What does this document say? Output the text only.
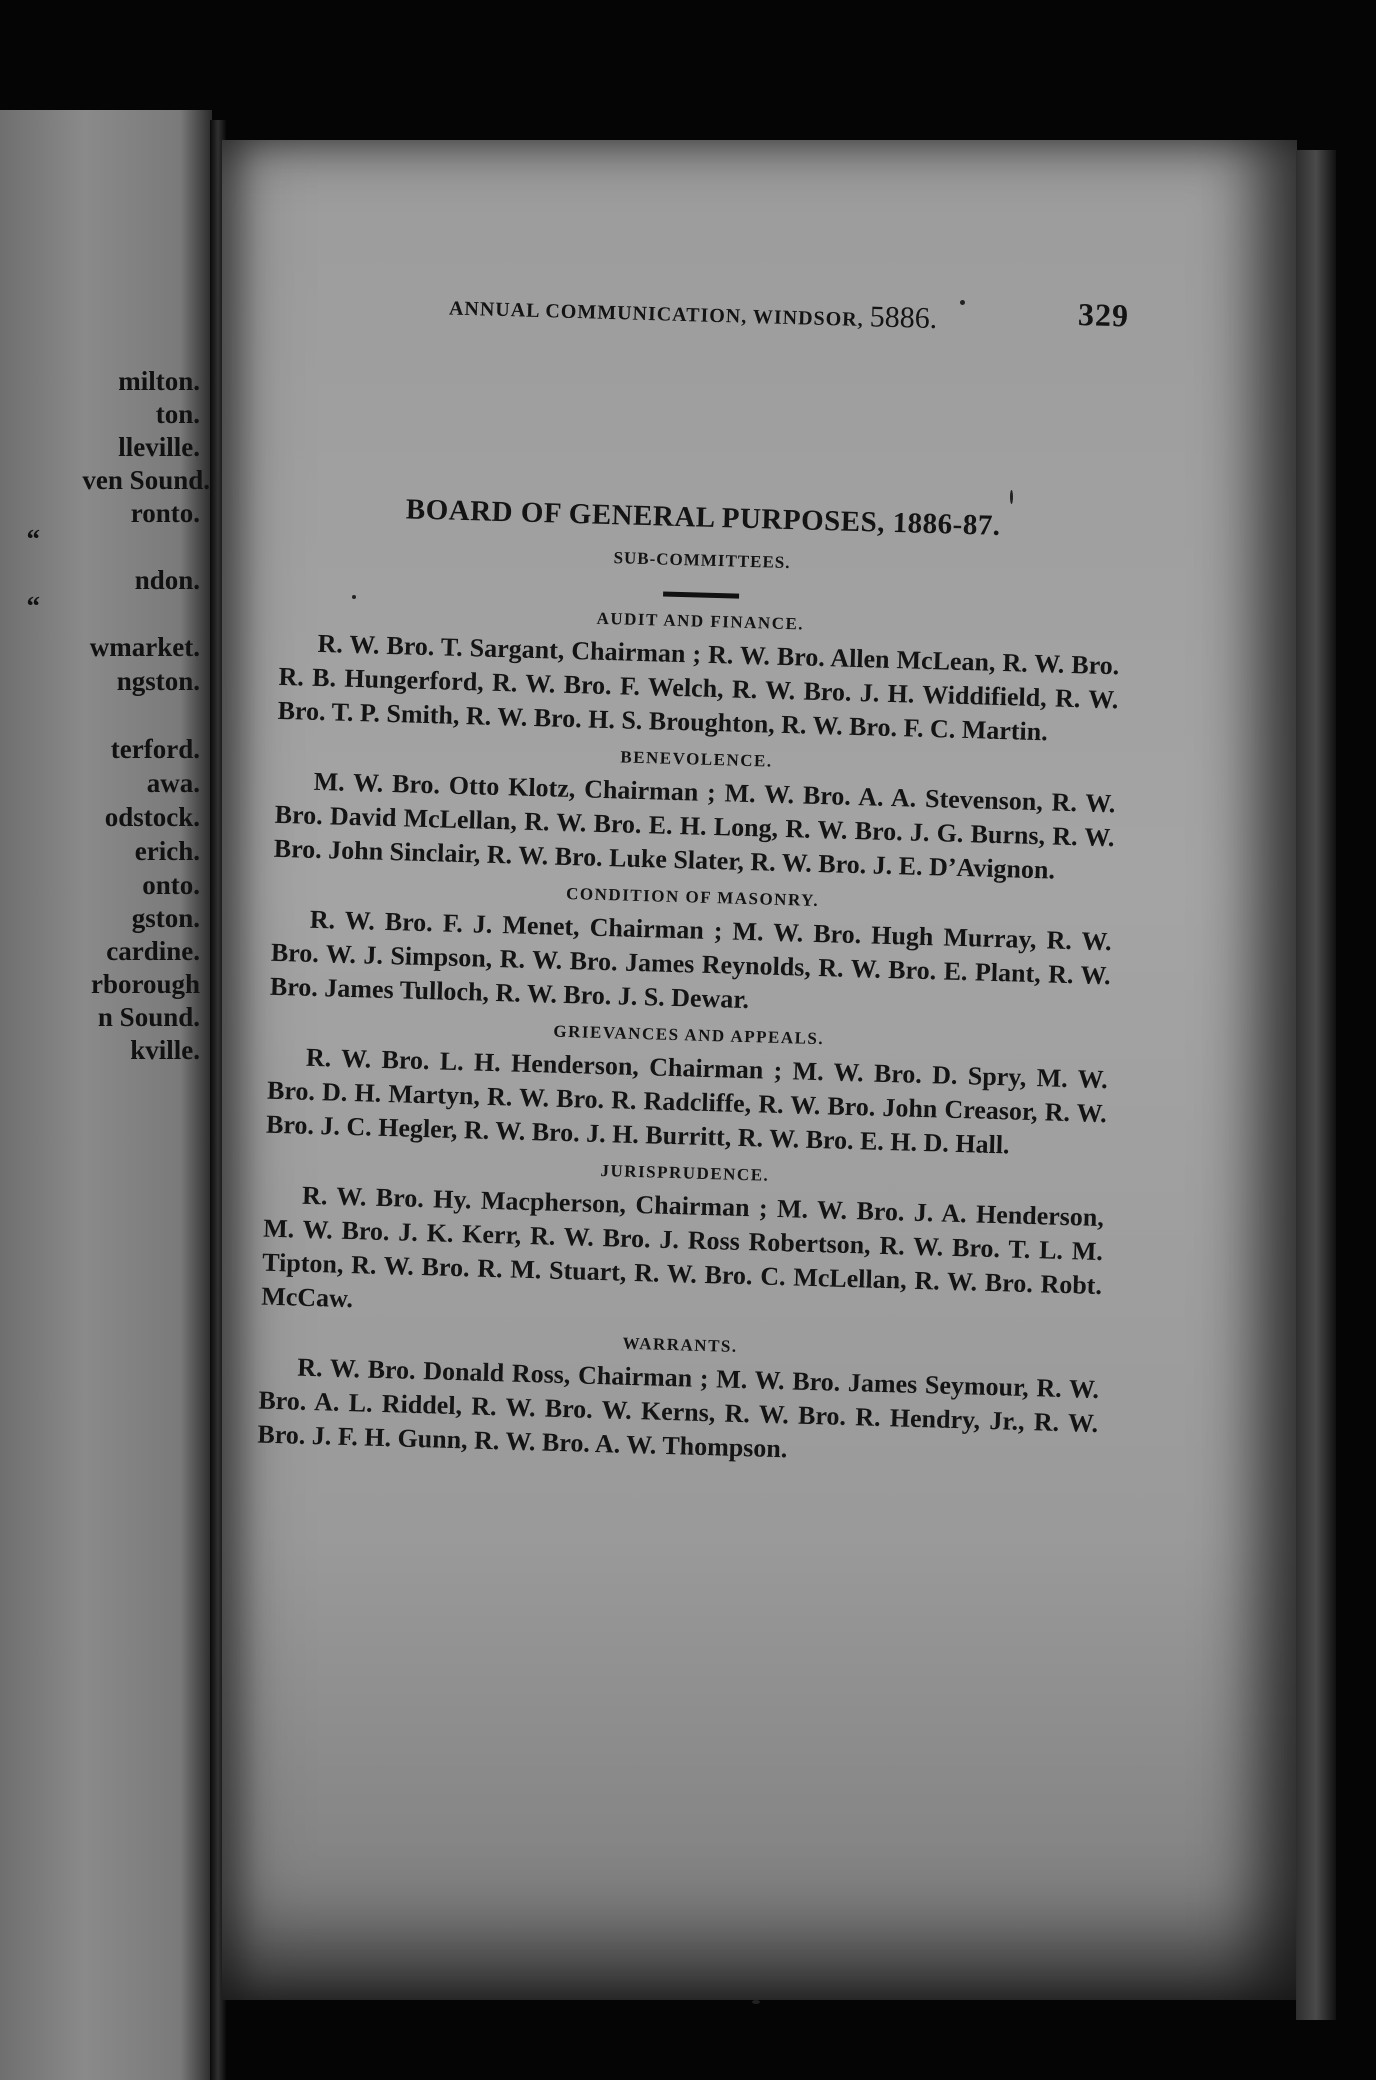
milton.
ton.
lleville.
ven Sound.
ronto.
“
ndon.
“
wmarket.
ngston.
terford.
awa.
odstock.
erich.
onto.
gston.
cardine.
rborough
n Sound.
kville.
ANNUAL COMMUNICATION, WINDSOR, 5886.	329
BOARD OF GENERAL PURPOSES, 1886-87.
SUB-COMMITTEES.
AUDIT AND FINANCE.

R. W. Bro. T. Sargant, Chairman ; R. W. Bro. Allen McLean, R. W. Bro. R. B. Hungerford, R. W. Bro. F. Welch, R. W. Bro. J. H. Widdifield, R. W. Bro. T. P. Smith, R. W. Bro. H. S. Broughton, R. W. Bro. F. C. Martin.

BENEVOLENCE.

M. W. Bro. Otto Klotz, Chairman ; M. W. Bro. A. A. Stevenson, R. W. Bro. David McLellan, R. W. Bro. E. H. Long, R. W. Bro. J. G. Burns, R. W. Bro. John Sinclair, R. W. Bro. Luke Slater, R. W. Bro. J. E. D’Avignon.

CONDITION OF MASONRY.

R. W. Bro. F. J. Menet, Chairman ; M. W. Bro. Hugh Murray, R. W. Bro. W. J. Simpson, R. W. Bro. James Reynolds, R. W. Bro. E. Plant, R. W. Bro. James Tulloch, R. W. Bro. J. S. Dewar.

GRIEVANCES AND APPEALS.

R. W. Bro. L. H. Henderson, Chairman ; M. W. Bro. D. Spry, M. W. Bro. D. H. Martyn, R. W. Bro. R. Radcliffe, R. W. Bro. John Creasor, R. W. Bro. J. C. Hegler, R. W. Bro. J. H. Burritt, R. W. Bro. E. H. D. Hall.

JURISPRUDENCE.

R. W. Bro. Hy. Macpherson, Chairman ; M. W. Bro. J. A. Henderson, M. W. Bro. J. K. Kerr, R. W. Bro. J. Ross Robertson, R. W. Bro. T. L. M. Tipton, R. W. Bro. R. M. Stuart, R. W. Bro. C. McLellan, R. W. Bro. Robt. McCaw.

WARRANTS.

R. W. Bro. Donald Ross, Chairman ; M. W. Bro. James Seymour, R. W. Bro. A. L. Riddel, R. W. Bro. W. Kerns, R. W. Bro. R. Hendry, Jr., R. W. Bro. J. F. H. Gunn, R. W. Bro. A. W. Thompson.
